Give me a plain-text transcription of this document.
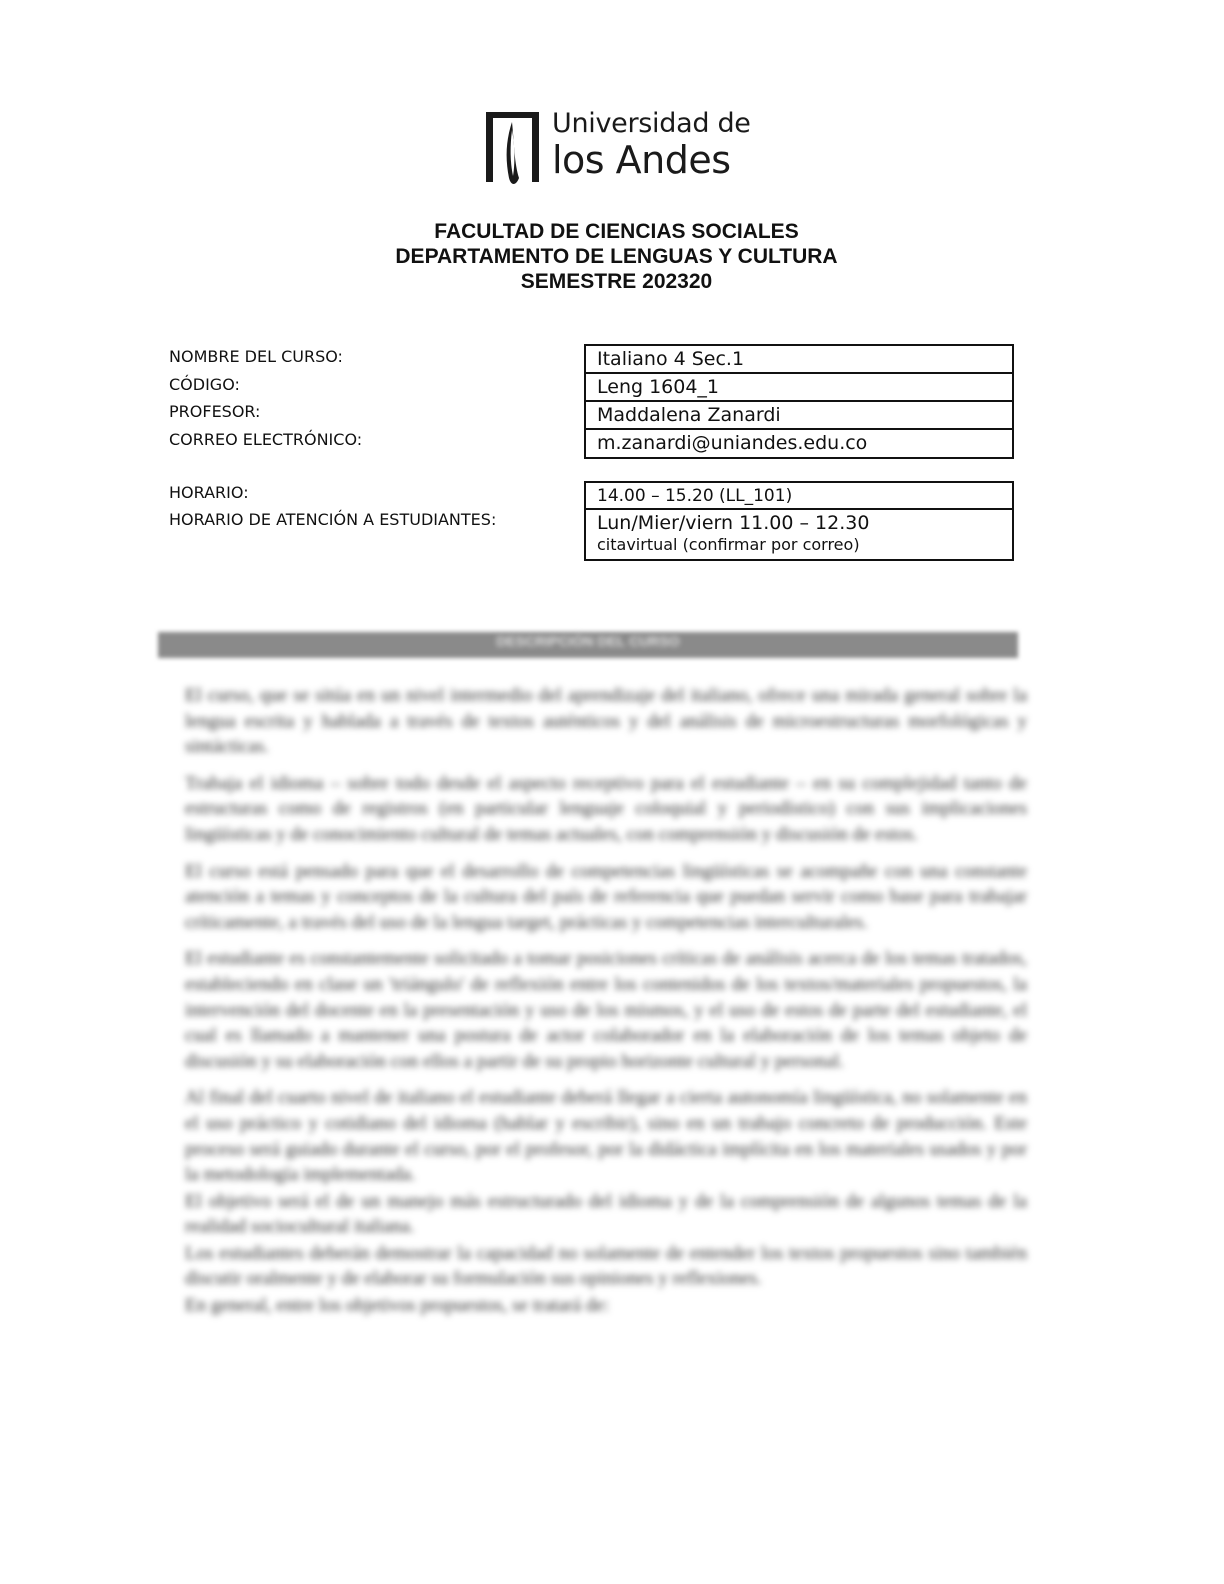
Universidad de
los Andes
FACULTAD DE CIENCIAS SOCIALES
DEPARTAMENTO DE LENGUAS Y CULTURA
SEMESTRE 202320
NOMBRE DEL CURSO:
CÓDIGO:
PROFESOR:
CORREO ELECTRÓNICO:
HORARIO:
HORARIO DE ATENCIÓN A ESTUDIANTES:
Italiano 4 Sec.1
Leng 1604_1
Maddalena Zanardi
m.zanardi@uniandes.edu.co
14.00 – 15.20 (LL_101)
Lun/Mier/viern 11.00 – 12.30
citavirtual (confirmar por correo)
DESCRIPCIÓN DEL CURSO

El curso, que se sitúa en un nivel intermedio del aprendizaje del italiano, ofrece una mirada general sobre la lengua escrita y hablada a través de textos auténticos y del análisis de microestructuras morfológicas y sintácticas.

Trabaja el idioma – sobre todo desde el aspecto receptivo para el estudiante – en su complejidad tanto de estructuras como de registros (en particular lenguaje coloquial y periodístico) con sus implicaciones lingüísticas y de conocimiento cultural de temas actuales, con comprensión y discusión de estos.

El curso está pensado para que el desarrollo de competencias lingüísticas se acompañe con una constante atención a temas y conceptos de la cultura del país de referencia que puedan servir como base para trabajar críticamente, a través del uso de la lengua target, prácticas y competencias interculturales.

El estudiante es constantemente solicitado a tomar posiciones críticas de análisis acerca de los temas tratados, estableciendo en clase un 'triángulo' de reflexión entre los contenidos de los textos/materiales propuestos, la intervención del docente en la presentación y uso de los mismos, y el uso de estos de parte del estudiante, el cual es llamado a mantener una postura de actor colaborador en la elaboración de los temas objeto de discusión y su elaboración con ellos a partir de su propio horizonte cultural y personal.

Al final del cuarto nivel de italiano el estudiante deberá llegar a cierta autonomía lingüística, no solamente en el uso práctico y cotidiano del idioma (hablar y escribir), sino en un trabajo concreto de producción. Este proceso será guiado durante el curso, por el profesor, por la didáctica implícita en los materiales usados y por la metodología implementada.

El objetivo será el de un manejo más estructurado del idioma y de la comprensión de algunos temas de la realidad sociocultural italiana.

Los estudiantes deberán demostrar la capacidad no solamente de entender los textos propuestos sino también discutir oralmente y de elaborar su formulación sus opiniones y reflexiones.

En general, entre los objetivos propuestos, se tratará de:
